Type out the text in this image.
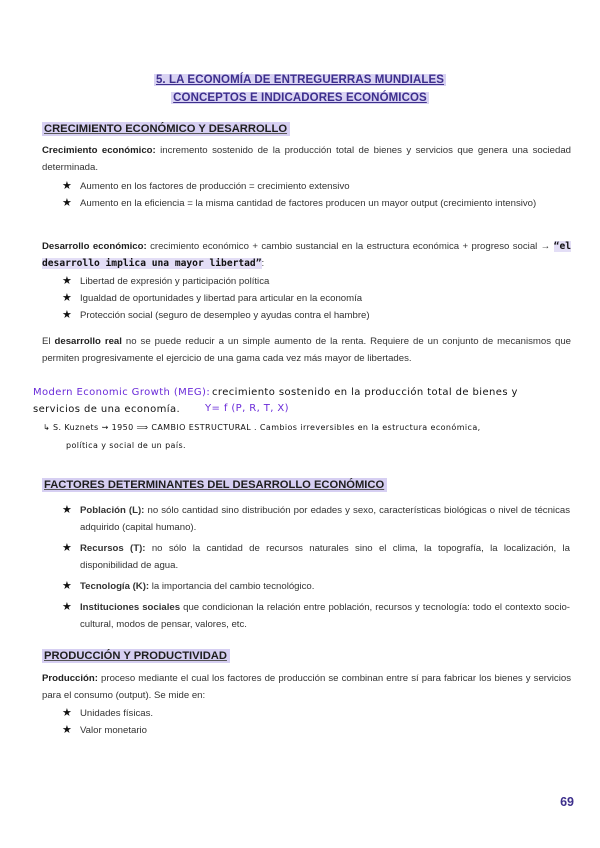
5. LA ECONOMÍA DE ENTREGUERRAS MUNDIALES
CONCEPTOS E INDICADORES ECONÓMICOS
CRECIMIENTO ECONÓMICO Y DESARROLLO
Crecimiento económico: incremento sostenido de la producción total de bienes y servicios que genera una sociedad determinada.
★ Aumento en los factores de producción = crecimiento extensivo
★ Aumento en la eficiencia = la misma cantidad de factores producen un mayor output (crecimiento intensivo)
Desarrollo económico: crecimiento económico + cambio sustancial en la estructura económica + progreso social → “el desarrollo implica una mayor libertad”:
★ Libertad de expresión y participación política
★ Igualdad de oportunidades y libertad para articular en la economía
★ Protección social (seguro de desempleo y ayudas contra el hambre)
El desarrollo real no se puede reducir a un simple aumento de la renta. Requiere de un conjunto de mecanismos que permiten progresivamente el ejercicio de una gama cada vez más mayor de libertades.
Modern Economic Growth (MEG): crecimiento sostenido en la producción total de bienes y
servicios de una economía. Y= f (P, R, T, X)
↳ S. Kuznets ⇝ 1950 ⟹ CAMBIO ESTRUCTURAL . Cambios irreversibles en la estructura económica,
política y social de un país.
FACTORES DETERMINANTES DEL DESARROLLO ECONÓMICO
★ Población (L): no sólo cantidad sino distribución por edades y sexo, características biológicas o nivel de técnicas adquirido (capital humano).
★ Recursos (T): no sólo la cantidad de recursos naturales sino el clima, la topografía, la localización, la disponibilidad de agua.
★ Tecnología (K): la importancia del cambio tecnológico.
★ Instituciones sociales que condicionan la relación entre población, recursos y tecnología: todo el contexto socio-cultural, modos de pensar, valores, etc.
PRODUCCIÓN Y PRODUCTIVIDAD
Producción: proceso mediante el cual los factores de producción se combinan entre sí para fabricar los bienes y servicios para el consumo (output). Se mide en:
★ Unidades físicas.
★ Valor monetario
69
